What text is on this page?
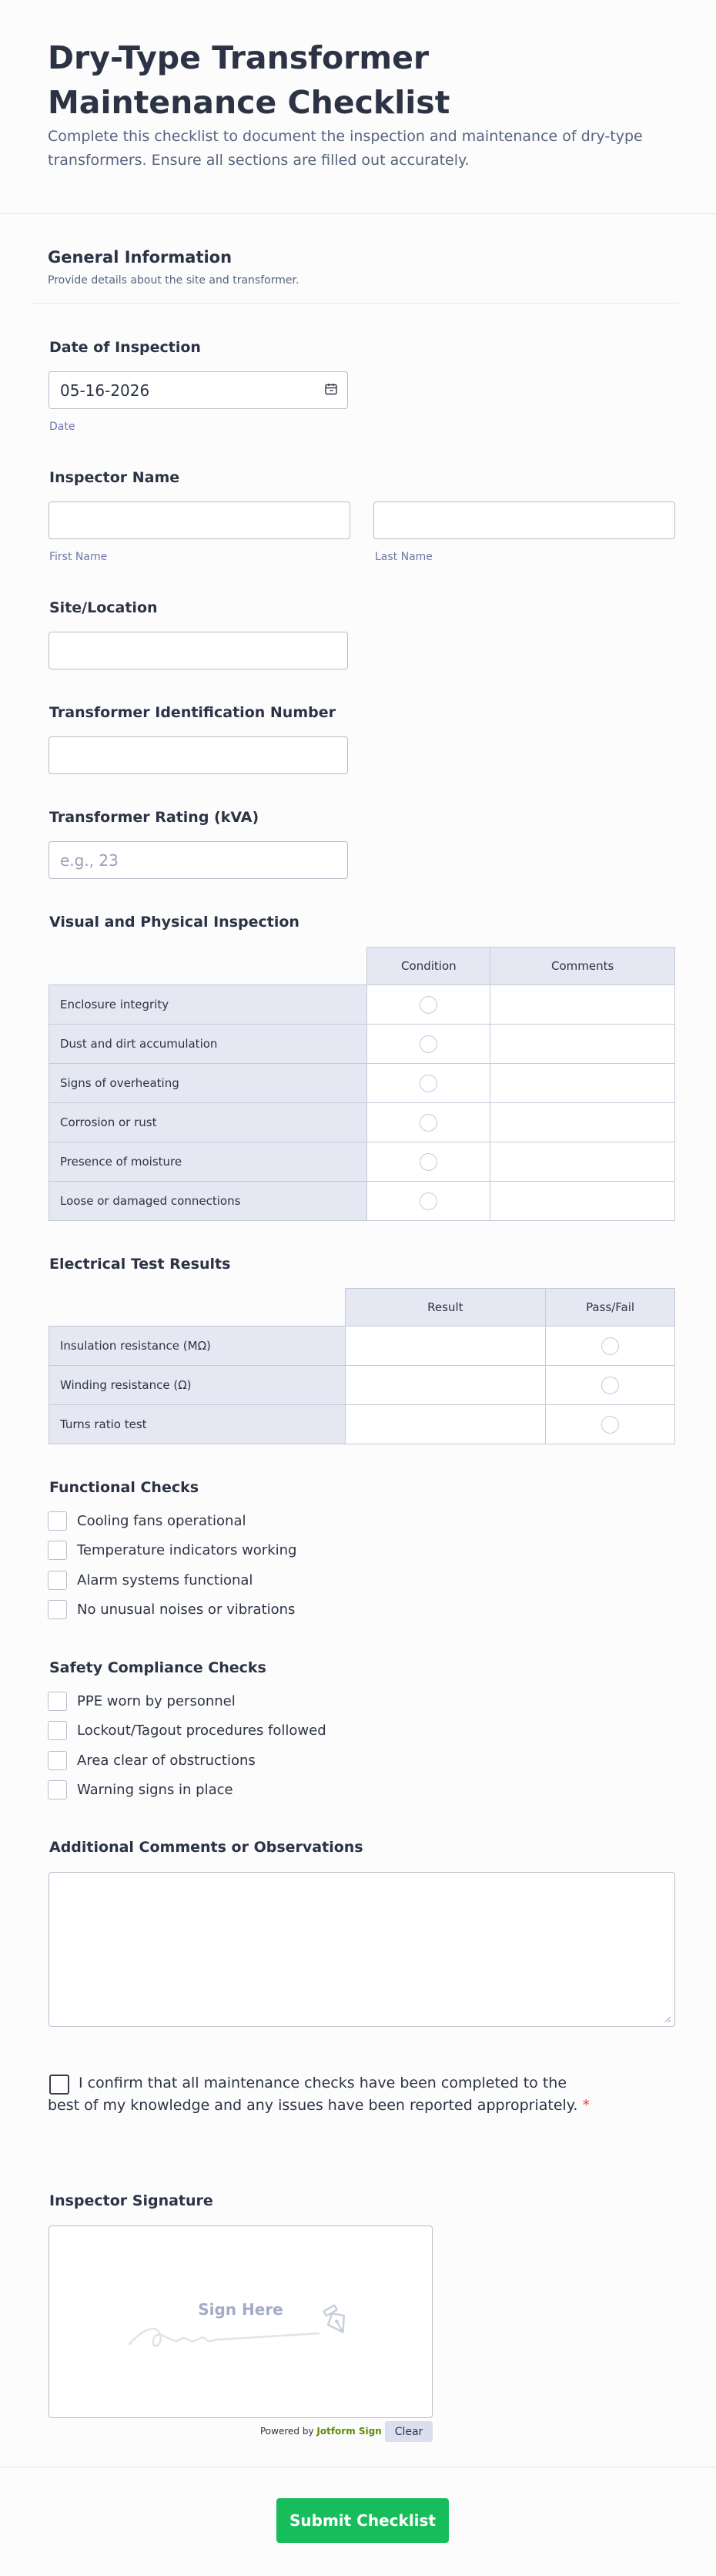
Dry-Type Transformer Maintenance Checklist
Complete this checklist to document the inspection and maintenance of dry-type transformers. Ensure all sections are filled out accurately.
General Information
Provide details about the site and transformer.
Date of Inspection
05-16-2026
Date
Inspector Name
First Name	Last Name
Site/Location
Transformer Identification Number
Transformer Rating (kVA)
e.g., 23
Visual and Physical Inspection
	Condition	Comments
Enclosure integrity		
Dust and dirt accumulation		
Signs of overheating		
Corrosion or rust		
Presence of moisture		
Loose or damaged connections		
Electrical Test Results
	Result	Pass/Fail
Insulation resistance (MΩ)		
Winding resistance (Ω)		
Turns ratio test		
Functional Checks
Cooling fans operational
Temperature indicators working
Alarm systems functional
No unusual noises or vibrations
Safety Compliance Checks
PPE worn by personnel
Lockout/Tagout procedures followed
Area clear of obstructions
Warning signs in place
Additional Comments or Observations
I confirm that all maintenance checks have been completed to the best of my knowledge and any issues have been reported appropriately. *
Inspector Signature
Sign Here
Powered by Jotform Sign	Clear
Submit Checklist
